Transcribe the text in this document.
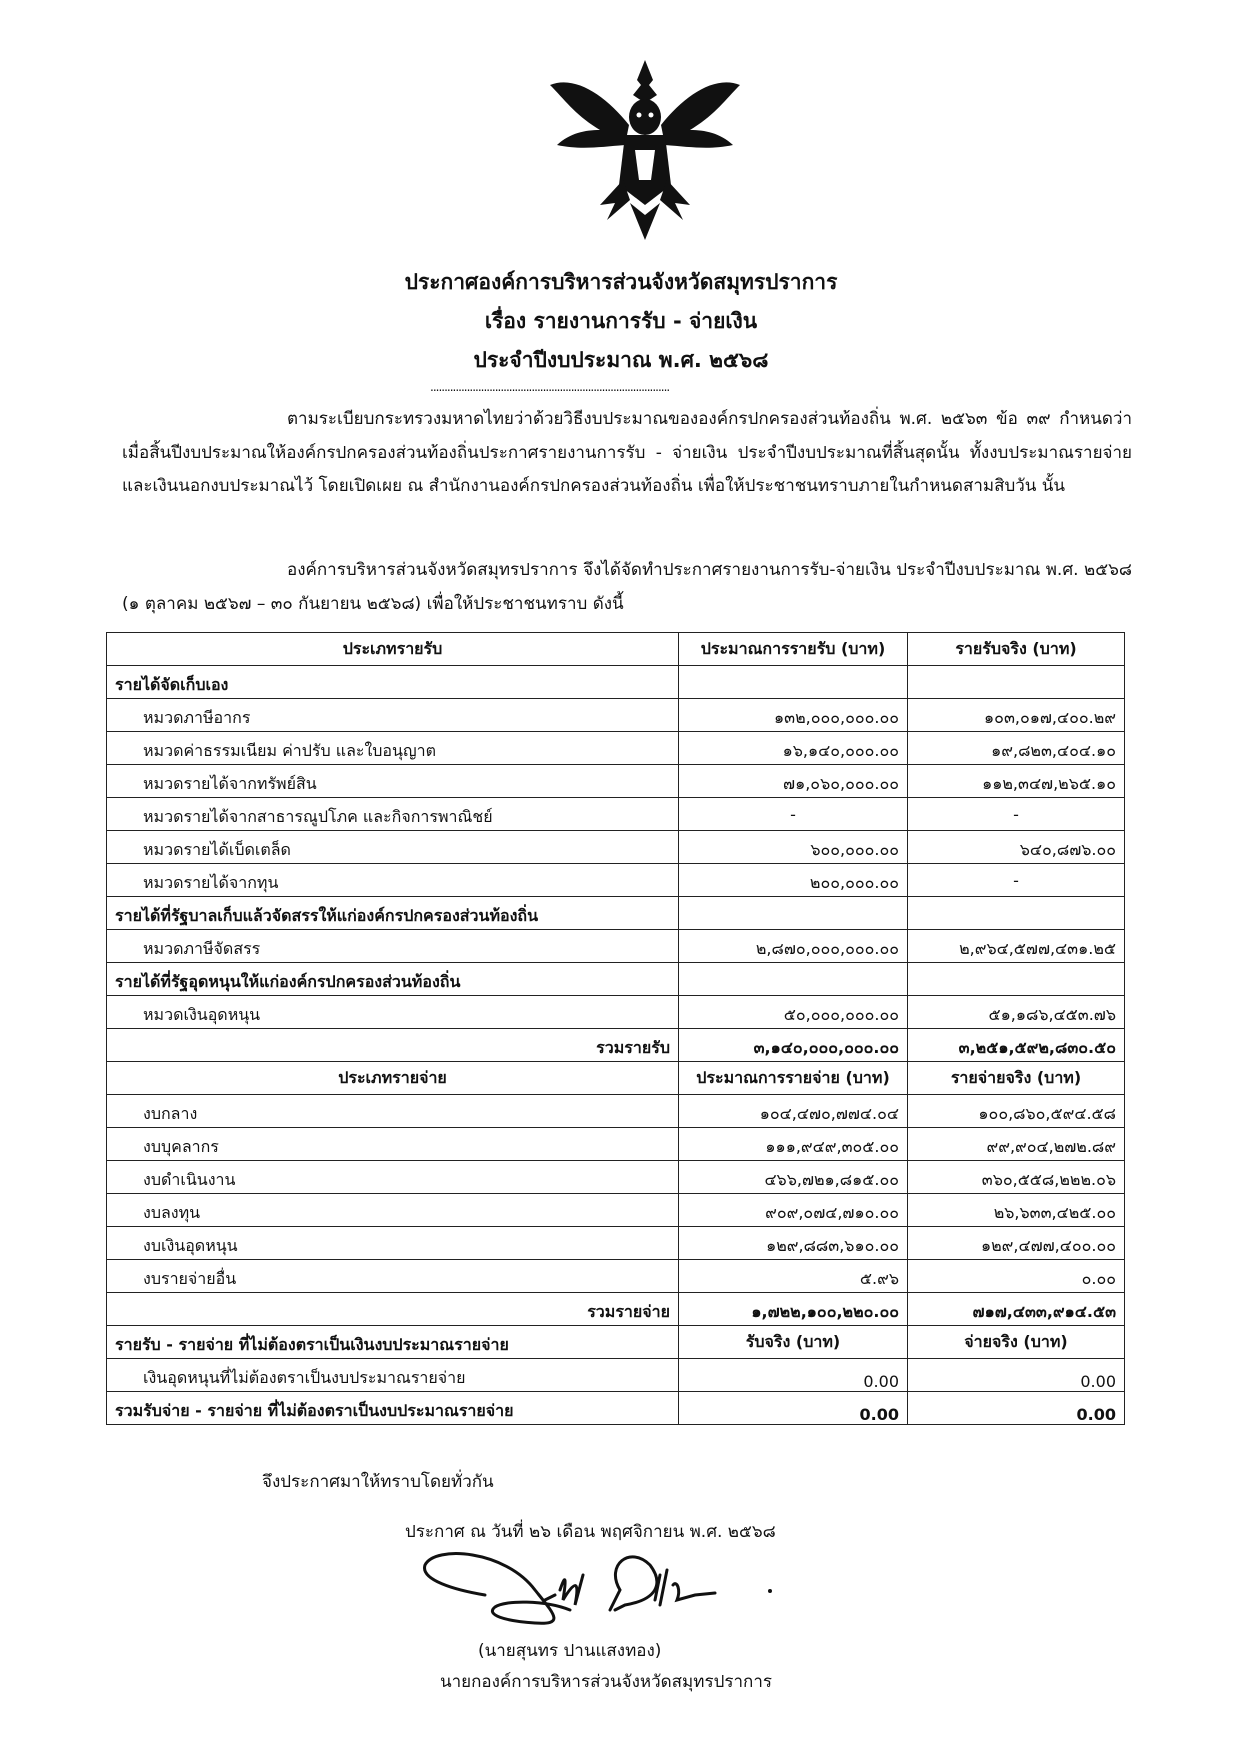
ประกาศองค์การบริหารส่วนจังหวัดสมุทรปราการ
เรื่อง รายงานการรับ - จ่ายเงิน
ประจำปีงบประมาณ พ.ศ. ๒๕๖๘
.....................................................................................
ตามระเบียบกระทรวงมหาดไทยว่าด้วยวิธีงบประมาณขององค์กรปกครองส่วนท้องถิ่น พ.ศ. ๒๕๖๓ ข้อ ๓๙ กำหนดว่า เมื่อสิ้นปีงบประมาณให้องค์กรปกครองส่วนท้องถิ่นประกาศรายงานการรับ - จ่ายเงิน ประจำปีงบประมาณที่สิ้นสุดนั้น ทั้งงบประมาณรายจ่ายและเงินนอกงบประมาณไว้ โดยเปิดเผย ณ สำนักงานองค์กรปกครองส่วนท้องถิ่น เพื่อให้ประชาชนทราบภายในกำหนดสามสิบวัน นั้น
องค์การบริหารส่วนจังหวัดสมุทรปราการ จึงได้จัดทำประกาศรายงานการรับ-จ่ายเงิน ประจำปีงบประมาณ พ.ศ. ๒๕๖๘ (๑ ตุลาคม ๒๕๖๗ – ๓๐ กันยายน ๒๕๖๘) เพื่อให้ประชาชนทราบ ดังนี้
ประเภทรายรับ	ประมาณการรายรับ (บาท)	รายรับจริง (บาท)
รายได้จัดเก็บเอง		
หมวดภาษีอากร	๑๓๒,๐๐๐,๐๐๐.๐๐	๑๐๓,๐๑๗,๔๐๐.๒๙
หมวดค่าธรรมเนียม ค่าปรับ และใบอนุญาต	๑๖,๑๔๐,๐๐๐.๐๐	๑๙,๘๒๓,๔๐๔.๑๐
หมวดรายได้จากทรัพย์สิน	๗๑,๐๖๐,๐๐๐.๐๐	๑๑๒,๓๔๗,๒๖๕.๑๐
หมวดรายได้จากสาธารณูปโภค และกิจการพาณิชย์	-	-
หมวดรายได้เบ็ดเตล็ด	๖๐๐,๐๐๐.๐๐	๖๔๐,๘๗๖.๐๐
หมวดรายได้จากทุน	๒๐๐,๐๐๐.๐๐	-
รายได้ที่รัฐบาลเก็บแล้วจัดสรรให้แก่องค์กรปกครองส่วนท้องถิ่น		
หมวดภาษีจัดสรร	๒,๘๗๐,๐๐๐,๐๐๐.๐๐	๒,๙๖๔,๕๗๗,๔๓๑.๒๕
รายได้ที่รัฐอุดหนุนให้แก่องค์กรปกครองส่วนท้องถิ่น		
หมวดเงินอุดหนุน	๕๐,๐๐๐,๐๐๐.๐๐	๕๑,๑๘๖,๔๕๓.๗๖
รวมรายรับ	๓,๑๔๐,๐๐๐,๐๐๐.๐๐	๓,๒๕๑,๕๙๒,๘๓๐.๕๐
ประเภทรายจ่าย	ประมาณการรายจ่าย (บาท)	รายจ่ายจริง (บาท)
งบกลาง	๑๐๔,๔๗๐,๗๗๔.๐๔	๑๐๐,๘๖๐,๕๙๔.๕๘
งบบุคลากร	๑๑๑,๙๔๙,๓๐๕.๐๐	๙๙,๙๐๔,๒๗๒.๘๙
งบดำเนินงาน	๔๖๖,๗๒๑,๘๑๕.๐๐	๓๖๐,๕๕๘,๒๒๒.๐๖
งบลงทุน	๙๐๙,๐๗๔,๗๑๐.๐๐	๒๖,๖๓๓,๔๒๕.๐๐
งบเงินอุดหนุน	๑๒๙,๘๘๓,๖๑๐.๐๐	๑๒๙,๔๗๗,๔๐๐.๐๐
งบรายจ่ายอื่น	๕.๙๖	๐.๐๐
รวมรายจ่าย	๑,๗๒๒,๑๐๐,๒๒๐.๐๐	๗๑๗,๔๓๓,๙๑๔.๕๓
รายรับ - รายจ่าย ที่ไม่ต้องตราเป็นเงินงบประมาณรายจ่าย	รับจริง (บาท)	จ่ายจริง (บาท)
เงินอุดหนุนที่ไม่ต้องตราเป็นงบประมาณรายจ่าย	0.00	0.00
รวมรับจ่าย - รายจ่าย ที่ไม่ต้องตราเป็นงบประมาณรายจ่าย	0.00	0.00
จึงประกาศมาให้ทราบโดยทั่วกัน
ประกาศ ณ วันที่ ๒๖ เดือน พฤศจิกายน พ.ศ. ๒๕๖๘
(นายสุนทร ปานแสงทอง)
นายกองค์การบริหารส่วนจังหวัดสมุทรปราการ
